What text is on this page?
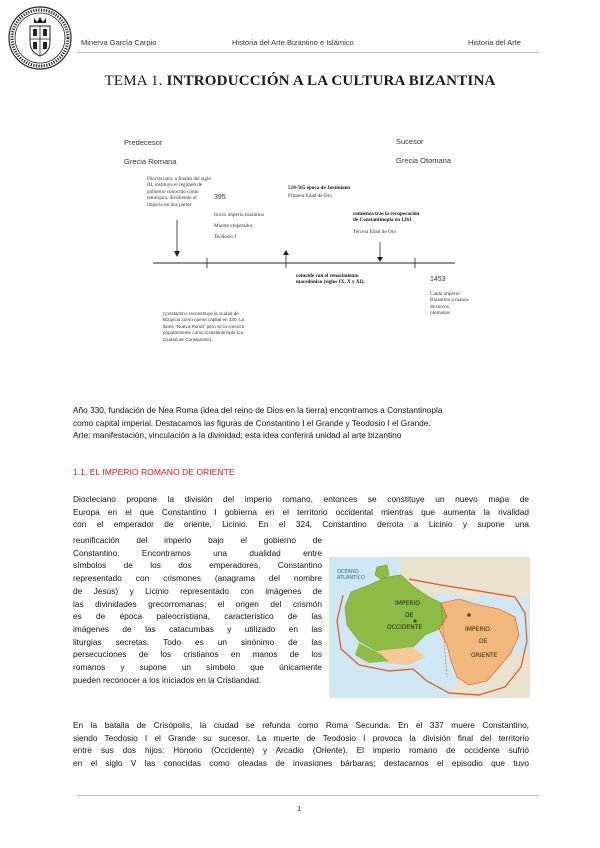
Minerva García Carpio	Historia del Arte Bizantino e Islámico	Historia del Arte
TEMA 1. INTRODUCCIÓN A LA CULTURA BIZANTINA
Predecesor
Grecia Romana
Sucesor
Grecia Otomana
Diocleciano, a finales del siglo
III, instituye el régimen de
gobierno conocido como
tetrarquía, dividiendo el
imperio en dos partes
395
Inicio imperio bizantino
Muerte emperador
Teodosio I
518-565 época de Justiniano
Primera Edad de Oro
comienza tras la recuperación
de Constantinopla en 1261
Tercera Edad de Oro
coincide con el renacimiento
macedónico (siglos IX, X y XI).	1453
Caída imperio
Bizantino a manos
de turcos
otomanos
Constantino reconstruye la ciudad de
Bizancio como nueva capital en 330. La
llamó "Nueva Roma" pero se la conocía
popularmente como Constantinopla (La
Ciudad de Constantino).
Año 330, fundación de Nea Roma (idea del reino de Dios en la tierra) encontramos a Constantinopla
como capital imperial. Destacamos las figuras de Constantino I el Grande y Teodosio I el Grande.
Arte: manifestación, vinculación a la divinidad; esta idea conferirá unidad al arte bizantino
1.1. EL IMPERIO ROMANO DE ORIENTE
Diocleciano propone la división del imperio romano, entonces se constituye un nuevo mapa de
Europa en el que Constantino I gobierna en el territorio occidental mientras que aumenta la rivalidad
con el emperador de oriente, Licinio. En el 324, Constantino derrota a Licinio y supone una
reunificación del imperio bajo el gobierno de
Constantino. Encontramos una dualidad entre
símbolos de los dos emperadores, Constantino
representado con crismones (anagrama del nombre
de Jesús) y Licinio representado con imágenes de
las divinidades grecorromanas; el origen del crismón
es de época paleocristiana, característico de las
imágenes de las catacumbas y utilizado en las
liturgias secretas. Todo es un sinónimo de las
persecuciones de los cristianos en manos de los
romanos y supone un símbolo que únicamente
pueden reconocer a los iniciados en la Cristiandad.
OCÉANO
ATLÁNTICO
IMPERIO
DE
OCCIDENTE	IMPERIO
DE
ORIENTE
En la batalla de Crisópolis, la ciudad se refunda como Roma Secunda. En el 337 muere Constantino,
siendo Teodosio I el Grande su sucesor. La muerte de Teodosio I provoca la división final del territorio
entre sus dos hijos: Honorio (Occidente) y Arcadio (Oriente). El imperio romano de occidente sufrió
en el siglo V las conocidas como oleadas de invasiones bárbaras; destacamos el episodio que tuvo
1
